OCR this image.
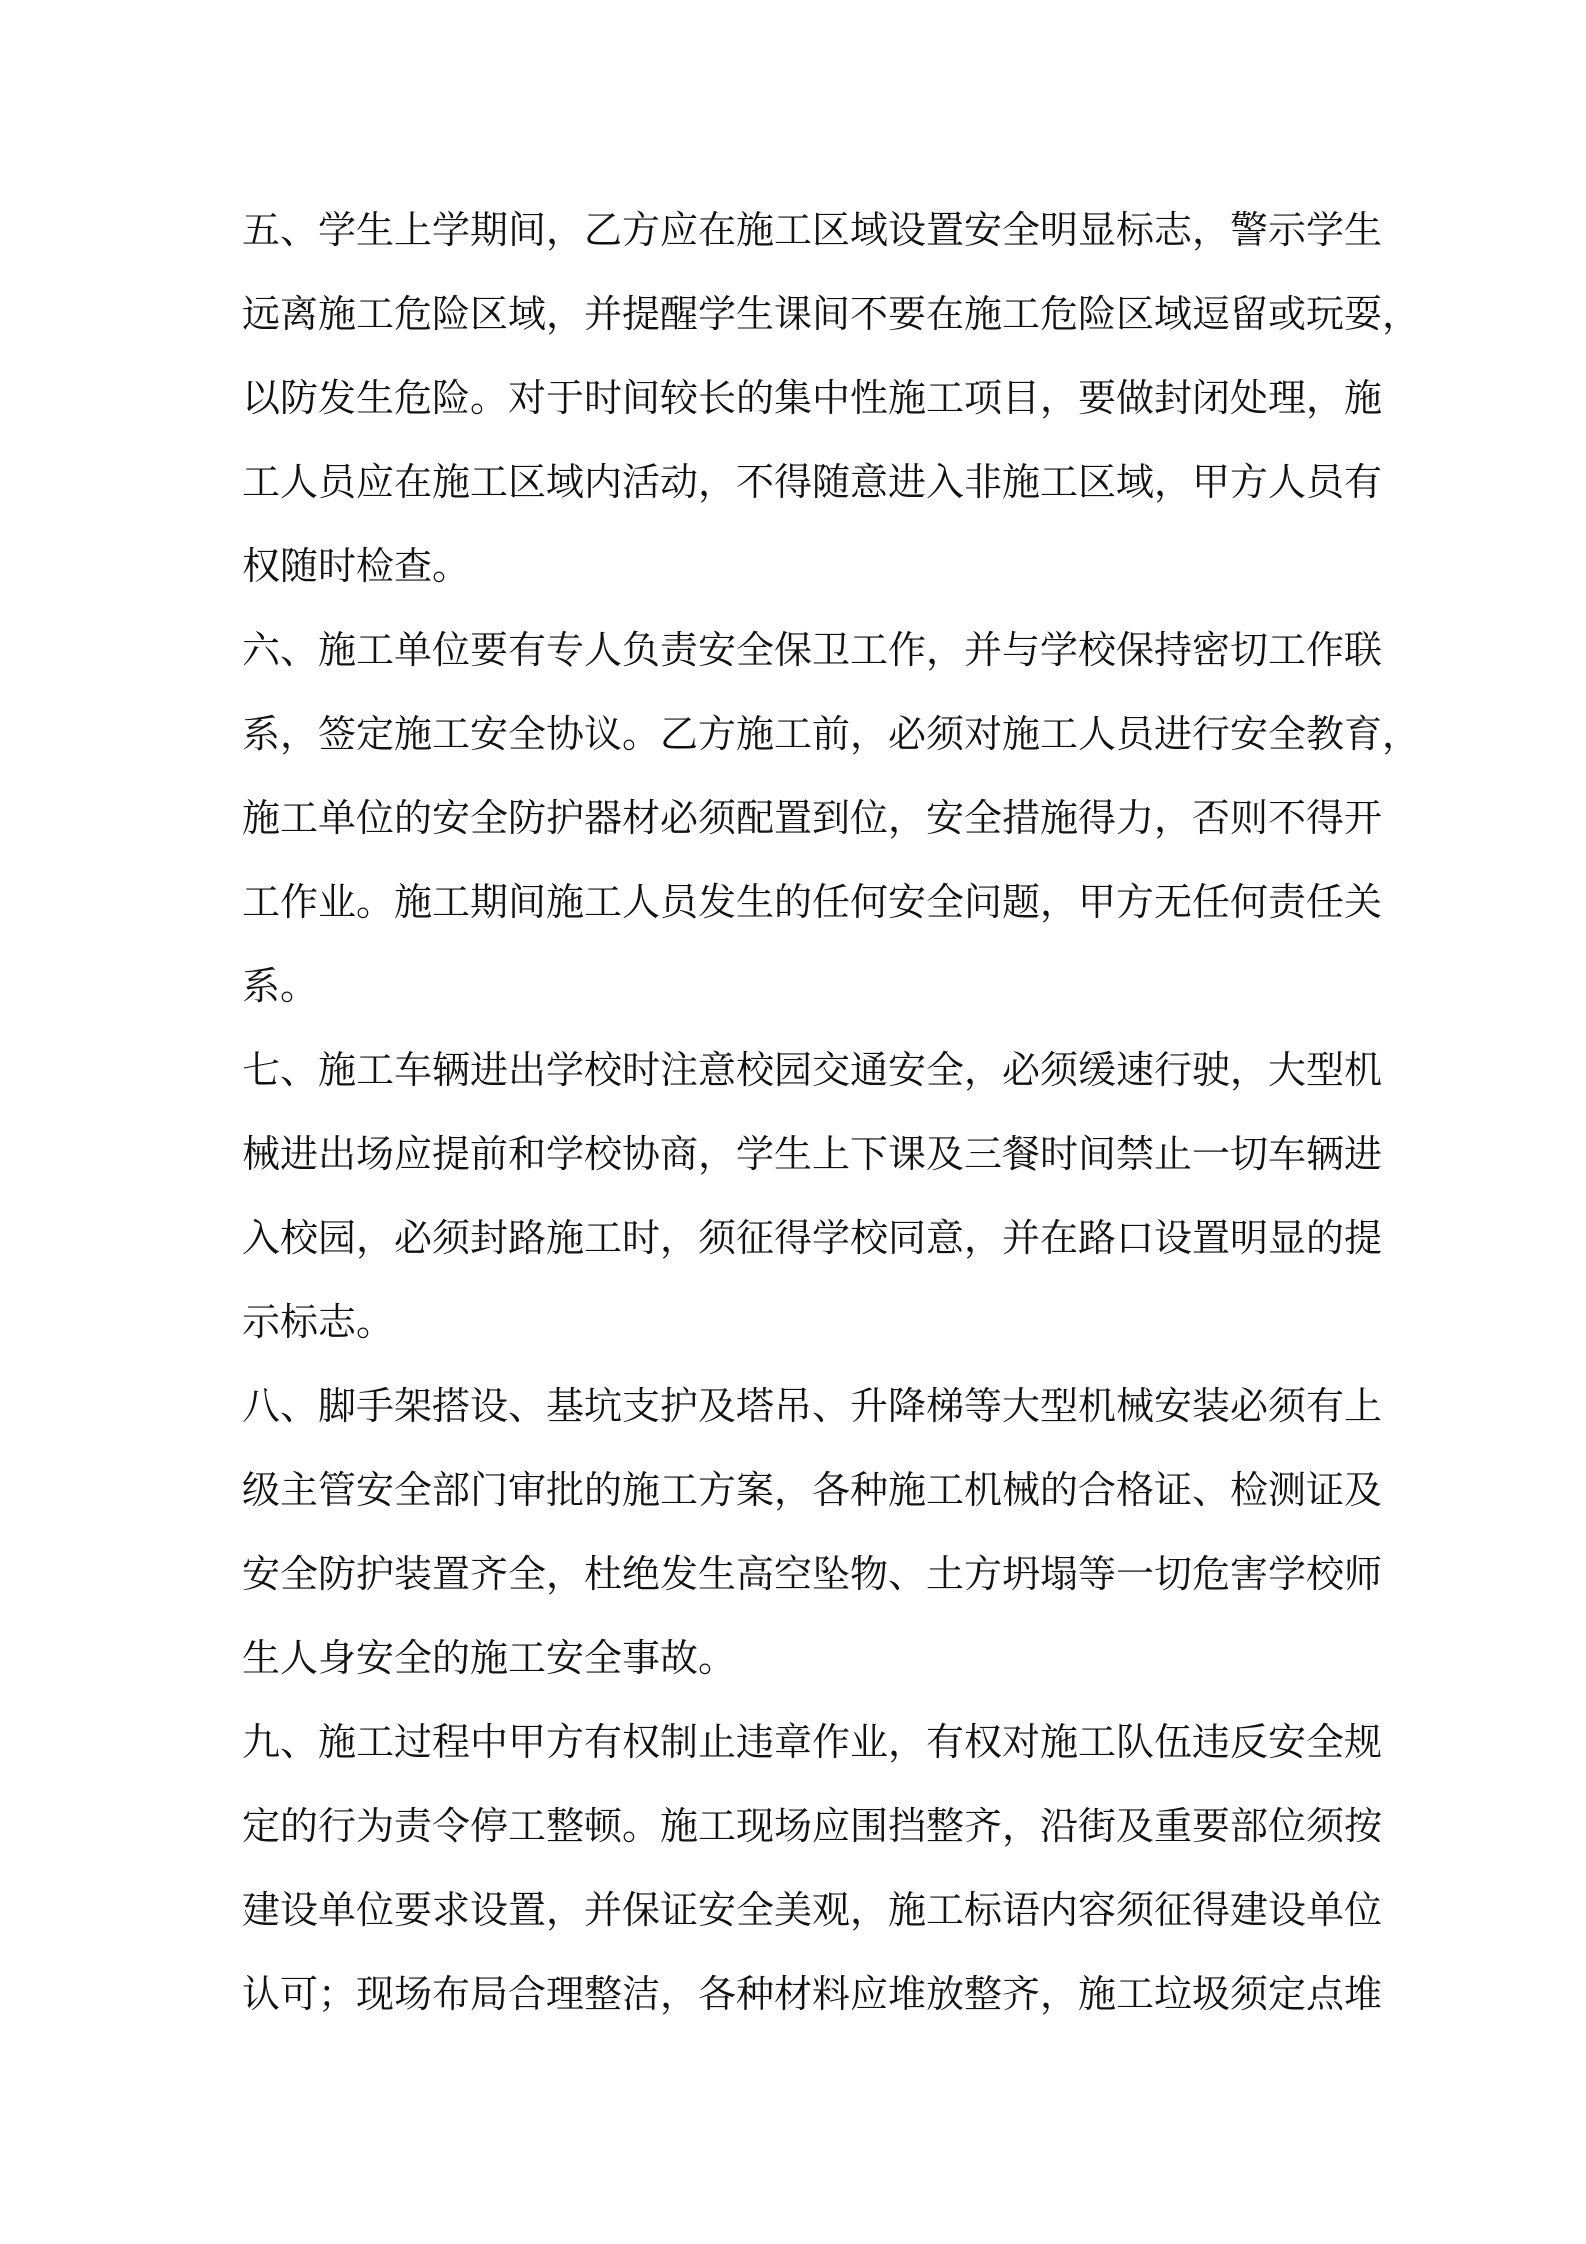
五、学生上学期间，乙方应在施工区域设置安全明显标志，警示学生
远离施工危险区域，并提醒学生课间不要在施工危险区域逗留或玩耍，
以防发生危险。对于时间较长的集中性施工项目，要做封闭处理，施
工人员应在施工区域内活动，不得随意进入非施工区域，甲方人员有
权随时检查。
六、施工单位要有专人负责安全保卫工作，并与学校保持密切工作联
系，签定施工安全协议。乙方施工前，必须对施工人员进行安全教育，
施工单位的安全防护器材必须配置到位，安全措施得力，否则不得开
工作业。施工期间施工人员发生的任何安全问题，甲方无任何责任关
系。
七、施工车辆进出学校时注意校园交通安全，必须缓速行驶，大型机
械进出场应提前和学校协商，学生上下课及三餐时间禁止一切车辆进
入校园，必须封路施工时，须征得学校同意，并在路口设置明显的提
示标志。
八、脚手架搭设、基坑支护及塔吊、升降梯等大型机械安装必须有上
级主管安全部门审批的施工方案，各种施工机械的合格证、检测证及
安全防护装置齐全，杜绝发生高空坠物、土方坍塌等一切危害学校师
生人身安全的施工安全事故。
九、施工过程中甲方有权制止违章作业，有权对施工队伍违反安全规
定的行为责令停工整顿。施工现场应围挡整齐，沿街及重要部位须按
建设单位要求设置，并保证安全美观，施工标语内容须征得建设单位
认可；现场布局合理整洁，各种材料应堆放整齐，施工垃圾须定点堆
